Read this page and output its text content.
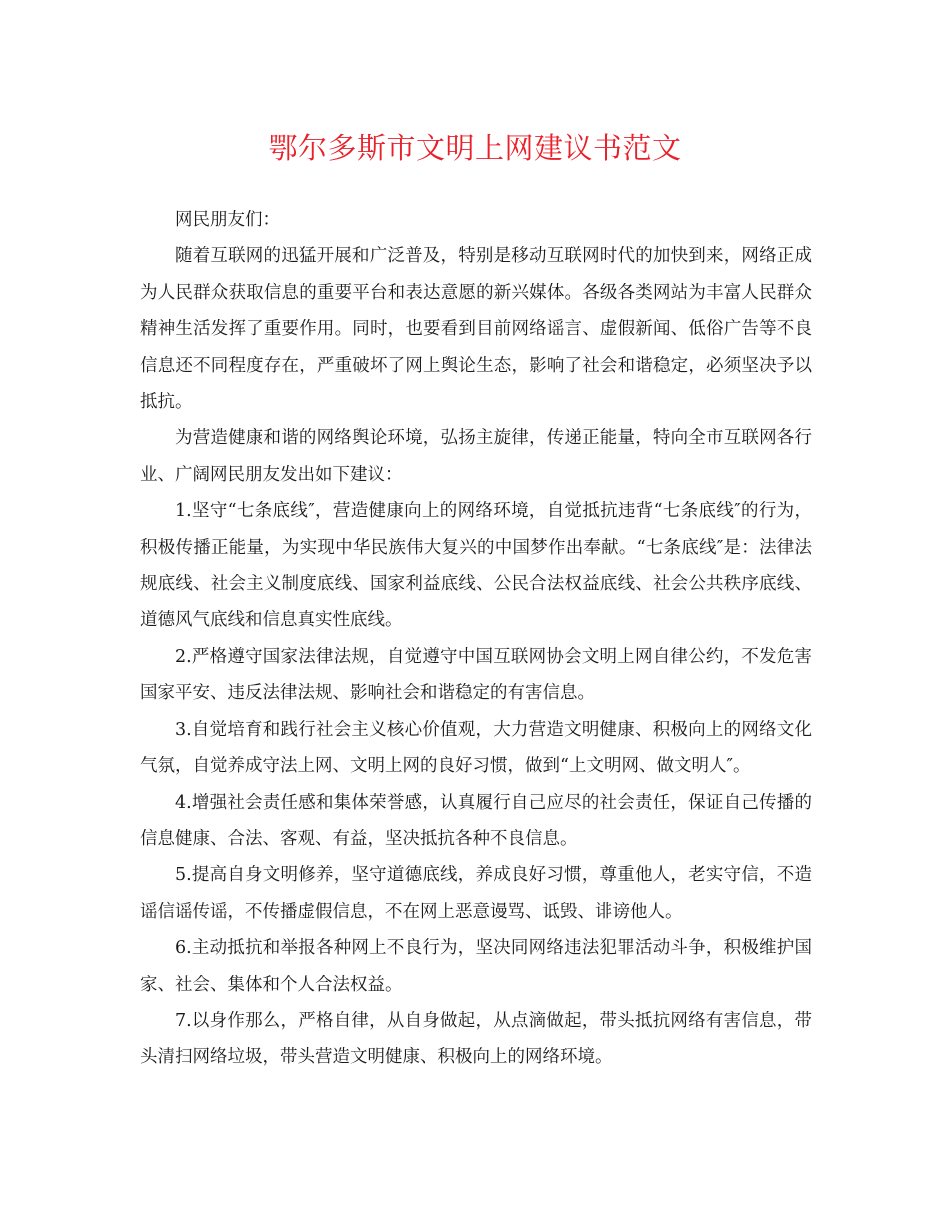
鄂尔多斯市文明上网建议书范文

网民朋友们：

随着互联网的迅猛开展和广泛普及，特别是移动互联网时代的加快到来，网络正成为人民群众获取信息的重要平台和表达意愿的新兴媒体。各级各类网站为丰富人民群众精神生活发挥了重要作用。同时，也要看到目前网络谣言、虚假新闻、低俗广告等不良信息还不同程度存在，严重破坏了网上舆论生态，影响了社会和谐稳定，必须坚决予以抵抗。

为营造健康和谐的网络舆论环境，弘扬主旋律，传递正能量，特向全市互联网各行业、广阔网民朋友发出如下建议：

1.坚守“七条底线″，营造健康向上的网络环境，自觉抵抗违背“七条底线″的行为，积极传播正能量，为实现中华民族伟大复兴的中国梦作出奉献。“七条底线″是：法律法规底线、社会主义制度底线、国家利益底线、公民合法权益底线、社会公共秩序底线、道德风气底线和信息真实性底线。

2.严格遵守国家法律法规，自觉遵守中国互联网协会文明上网自律公约，不发危害国家平安、违反法律法规、影响社会和谐稳定的有害信息。

3.自觉培育和践行社会主义核心价值观，大力营造文明健康、积极向上的网络文化气氛，自觉养成守法上网、文明上网的良好习惯，做到“上文明网、做文明人″。

4.增强社会责任感和集体荣誉感，认真履行自己应尽的社会责任，保证自己传播的信息健康、合法、客观、有益，坚决抵抗各种不良信息。

5.提高自身文明修养，坚守道德底线，养成良好习惯，尊重他人，老实守信，不造谣信谣传谣，不传播虚假信息，不在网上恶意谩骂、诋毁、诽谤他人。

6.主动抵抗和举报各种网上不良行为，坚决同网络违法犯罪活动斗争，积极维护国家、社会、集体和个人合法权益。

7.以身作那么，严格自律，从自身做起，从点滴做起，带头抵抗网络有害信息，带头清扫网络垃圾，带头营造文明健康、积极向上的网络环境。
